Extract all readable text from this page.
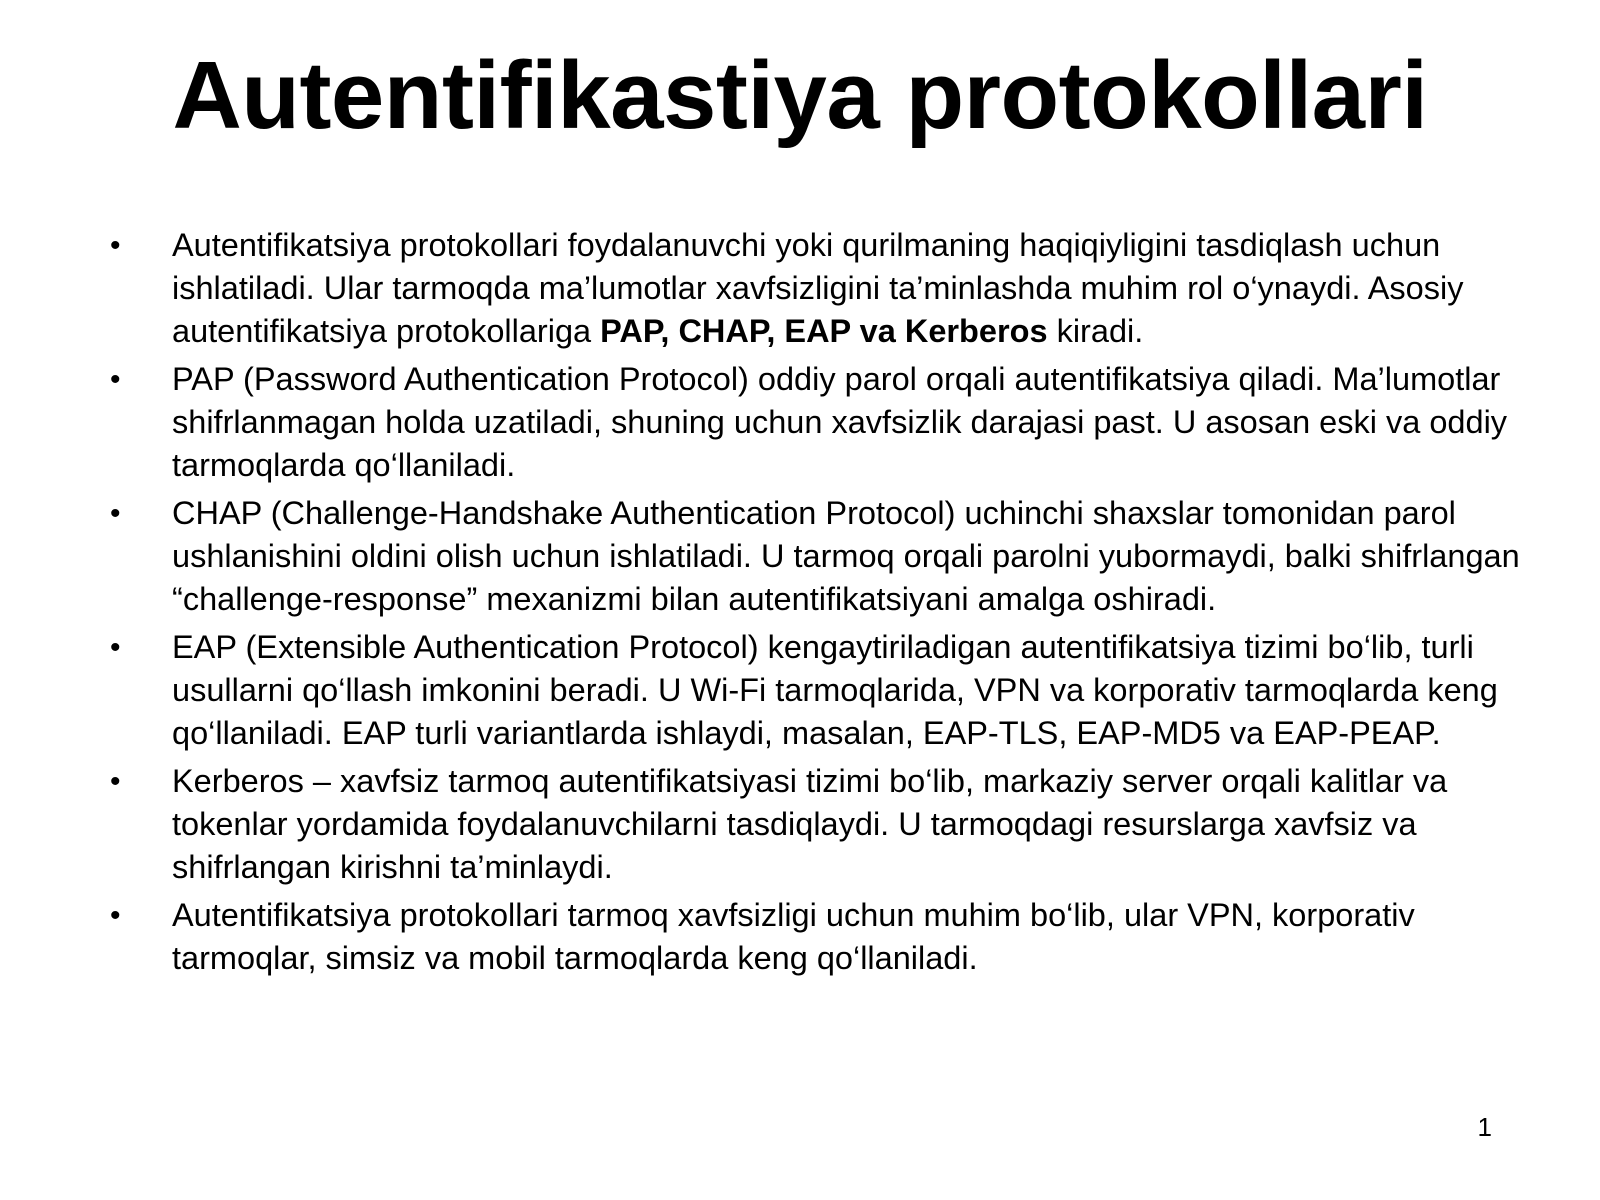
Autentifikastiya protokollari
• Autentifikatsiya protokollari foydalanuvchi yoki qurilmaning haqiqiyligini tasdiqlash uchun ishlatiladi. Ular tarmoqda ma’lumotlar xavfsizligini ta’minlashda muhim rol o‘ynaydi. Asosiy autentifikatsiya protokollariga PAP, CHAP, EAP va Kerberos kiradi.
• PAP (Password Authentication Protocol) oddiy parol orqali autentifikatsiya qiladi. Ma’lumotlar shifrlanmagan holda uzatiladi, shuning uchun xavfsizlik darajasi past. U asosan eski va oddiy tarmoqlarda qo‘llaniladi.
• CHAP (Challenge-Handshake Authentication Protocol) uchinchi shaxslar tomonidan parol ushlanishini oldini olish uchun ishlatiladi. U tarmoq orqali parolni yubormaydi, balki shifrlangan “challenge-response” mexanizmi bilan autentifikatsiyani amalga oshiradi.
• EAP (Extensible Authentication Protocol) kengaytiriladigan autentifikatsiya tizimi bo‘lib, turli usullarni qo‘llash imkonini beradi. U Wi-Fi tarmoqlarida, VPN va korporativ tarmoqlarda keng qo‘llaniladi. EAP turli variantlarda ishlaydi, masalan, EAP-TLS, EAP-MD5 va EAP-PEAP.
• Kerberos – xavfsiz tarmoq autentifikatsiyasi tizimi bo‘lib, markaziy server orqali kalitlar va tokenlar yordamida foydalanuvchilarni tasdiqlaydi. U tarmoqdagi resurslarga xavfsiz va shifrlangan kirishni ta’minlaydi.
• Autentifikatsiya protokollari tarmoq xavfsizligi uchun muhim bo‘lib, ular VPN, korporativ tarmoqlar, simsiz va mobil tarmoqlarda keng qo‘llaniladi.
1
